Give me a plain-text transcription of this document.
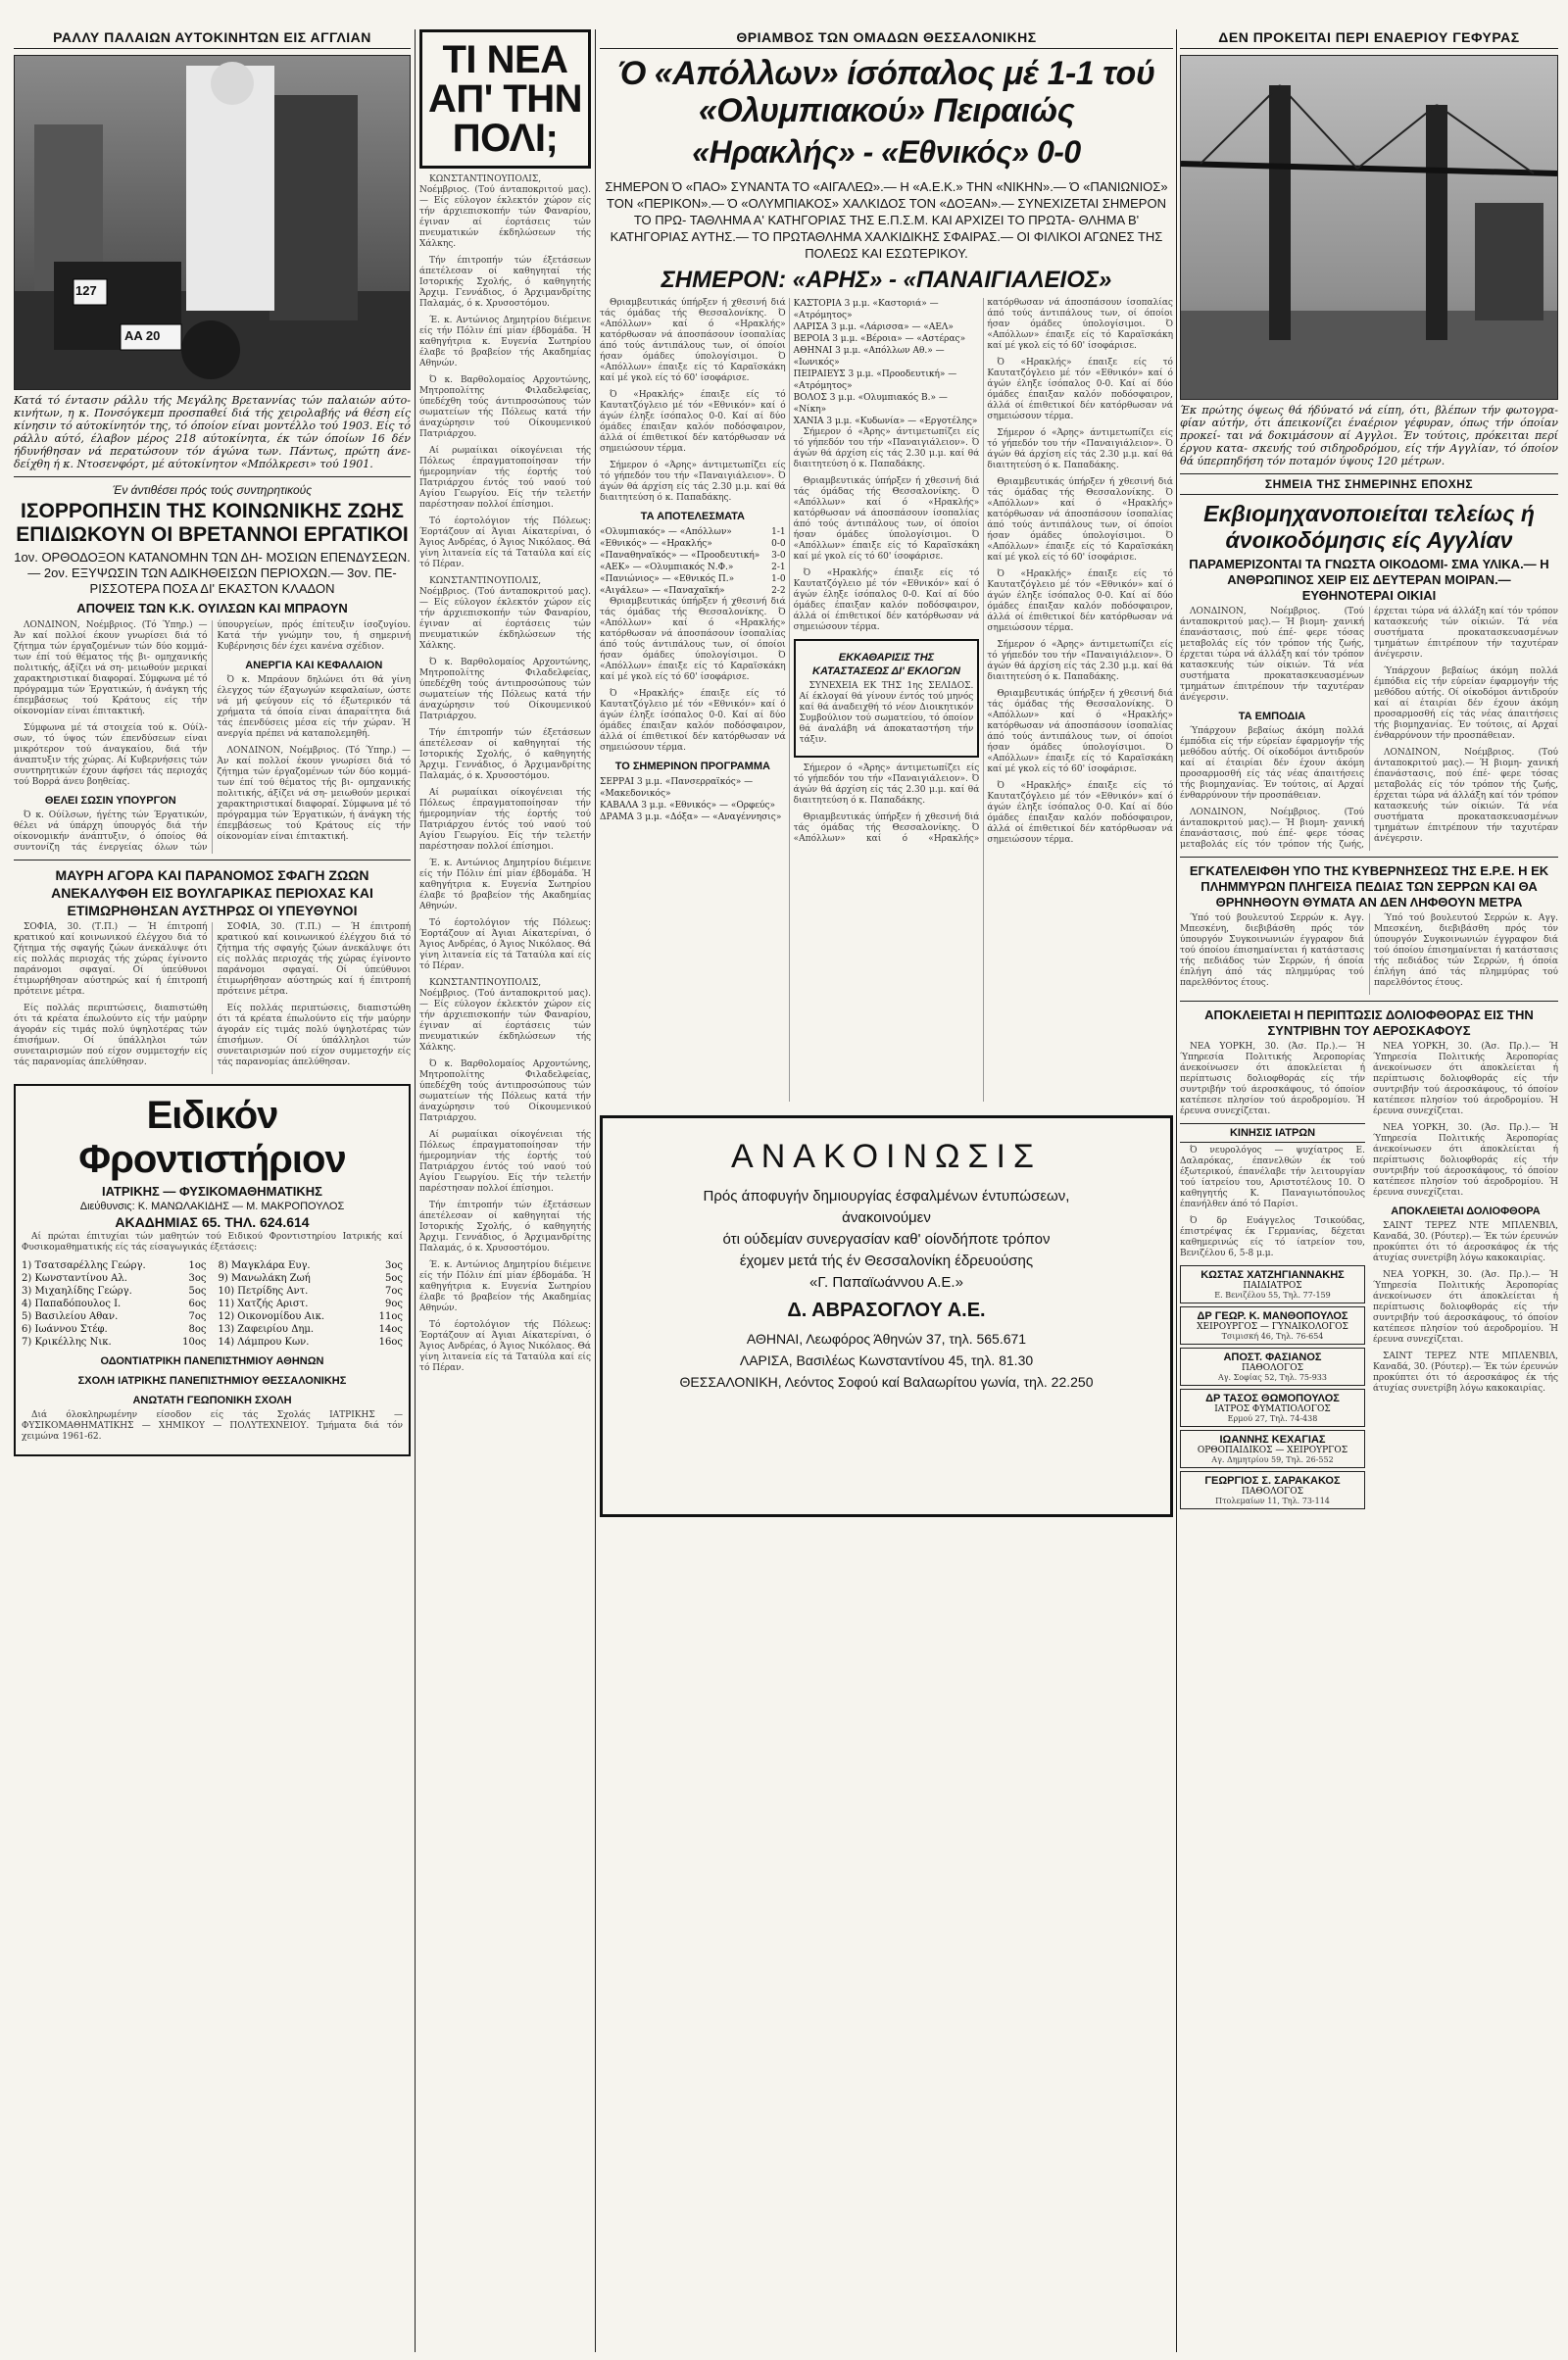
ΡΑΛΛΥ ΠΑΛΑΙΩΝ ΑΥΤΟΚΙΝΗΤΩΝ ΕΙΣ ΑΓΓΛΙΑΝ
127
AA 20
Κατά τό έντασιν ράλλυ τής Μεγάλης Βρεταννίας τών παλαιών αύτο- κινήτων, η κ. Πονσόγκεμπ προσπαθεί διά τής χειρολαβής νά θέση είς κίνησιν τό αύτοκίνητόν της, τό όποίον είναι μοντέλλο τού 1903. Είς τό ράλλυ αύτό, έλαβον μέρος 218 αύτοκίνητα, έκ τών όποίων 16 δέν ήδυνήθησαν νά περατώσουν τόν άγώνα των. Πάντως, πρώτη άνε- δείχθη ή κ. Ντοσενφόρτ, μέ αύτοκίνητον «Μπόλκρεσι» τού 1901.
Έν άντιθέσει πρός τούς συντηρητικούς
ΙΣΟΡΡΟΠΗΣΙΝ ΤΗΣ ΚΟΙΝΩΝΙΚΗΣ ΖΩΗΣ ΕΠΙΔΙΩΚΟΥΝ ΟΙ ΒΡΕΤΑΝΝΟΙ ΕΡΓΑΤΙΚΟΙ
1ον. ΟΡΘΟΔΟΞΟΝ ΚΑΤΑΝΟΜΗΝ ΤΩΝ ΔΗ- ΜΟΣΙΩΝ ΕΠΕΝΔΥΣΕΩΝ.— 2ον. ΕΞΥΨΩΣΙΝ ΤΩΝ ΑΔΙΚΗΘΕΙΣΩΝ ΠΕΡΙΟΧΩΝ.— 3ον. ΠΕ- ΡΙΣΣΟΤΕΡΑ ΠΟΣΑ ΔΙ' ΕΚΑΣΤΟΝ ΚΛΑΔΟΝ
ΑΠΟΨΕΙΣ ΤΩΝ Κ.Κ. ΟΥΙΛΣΩΝ ΚΑΙ ΜΠΡΑΟΥΝ

ΛΟΝΔΙΝΟΝ, Νοέμβριος. (Τό Ύπηρ.) — Άν καί πολλοί έκουν γνωρίσει διά τό ζήτημα τών έργαζομένων τών δύο κομμά- των έπί τού θέματος τής βι- ομηχανικής πολιτικής, άξίζει νά ση- μειωθούν μερικαί χαρακτηριστικαί διαφοραί. Σύμφωνα μέ τό πρόγραμμα τών Έργατικών, ή άνάγκη τής έπεμβάσεως τού Κράτους είς τήν οίκονομίαν είναι έπιτακτική.

Σύμφωνα μέ τά στοιχεία τού κ. Ούίλ- σων, τό ύψος τών έπενδύσεων είναι μικρότερον τού άναγκαίου, διά τήν άναπτυξιν τής χώρας. Αί Κυβερνήσεις τών συντηρητικών έχουν άφήσει τάς περιοχάς τού Βορρά άνευ βοηθείας.

ΘΕΛΕΙ ΣΩΣΙΝ ΥΠΟΥΡΓΟΝ

Ό κ. Ούίλσων, ήγέτης τών Έργατικών, θέλει νά ύπάρχη ύπουργός διά τήν οίκονομικήν άνάπτυξιν, ό όποίος θά συντονίζη τάς ένεργείας όλων τών ύπουργείων, πρός έπίτευξιν ίσοζυγίου. Κατά τήν γνώμην του, ή σημερινή Κυβέρνησις δέν έχει κανένα σχέδιον.

ΑΝΕΡΓΙΑ ΚΑΙ ΚΕΦΑΛΑΙΟΝ

Ό κ. Μπράουν δηλώνει ότι θά γίνη έλεγχος τών έξαγωγών κεφαλαίων, ώστε νά μή φεύγουν είς τό έξωτερικόν τά χρήματα τά όποία είναι άπαραίτητα διά τάς έπενδύσεις μέσα είς τήν χώραν. Ή ανεργία πρέπει νά καταπολεμηθή.

ΛΟΝΔΙΝΟΝ, Νοέμβριος. (Τό Ύπηρ.) — Άν καί πολλοί έκουν γνωρίσει διά τό ζήτημα τών έργαζομένων τών δύο κομμά- των έπί τού θέματος τής βι- ομηχανικής πολιτικής, άξίζει νά ση- μειωθούν μερικαί χαρακτηριστικαί διαφοραί. Σύμφωνα μέ τό πρόγραμμα τών Έργατικών, ή άνάγκη τής έπεμβάσεως τού Κράτους είς τήν οίκονομίαν είναι έπιτακτική.

ΜΑΥΡΗ ΑΓΟΡΑ ΚΑΙ ΠΑΡΑΝΟΜΟΣ ΣΦΑΓΗ ΖΩΩΝ ΑΝΕΚΑΛΥΦΘΗ ΕΙΣ ΒΟΥΛΓΑΡΙΚΑΣ ΠΕΡΙΟΧΑΣ ΚΑΙ ΕΤΙΜΩΡΗΘΗΣΑΝ ΑΥΣΤΗΡΩΣ ΟΙ ΥΠΕΥΘΥΝΟΙ

ΣΟΦΙΑ, 30. (Τ.Π.) — Ή έπιτροπή κρατικού καί κοινωνικού έλέγχου διά τό ζήτημα τής σφαγής ζώων άνεκάλυψε ότι είς πολλάς περιοχάς τής χώρας έγίνοντο παράνομοι σφαγαί. Οί ύπεύθυνοι έτιμωρήθησαν αύστηρώς καί ή έπιτροπή πρότεινε μέτρα.

Είς πολλάς περιπτώσεις, διαπιστώθη ότι τά κρέατα έπωλούντο είς τήν μαύρην άγοράν είς τιμάς πολύ ύψηλοτέρας τών έπισήμων. Οί ύπάλληλοι τών συνεταιρισμών πού είχον συμμετοχήν είς τάς παρανομίας άπελύθησαν.

ΣΟΦΙΑ, 30. (Τ.Π.) — Ή έπιτροπή κρατικού καί κοινωνικού έλέγχου διά τό ζήτημα τής σφαγής ζώων άνεκάλυψε ότι είς πολλάς περιοχάς τής χώρας έγίνοντο παράνομοι σφαγαί. Οί ύπεύθυνοι έτιμωρήθησαν αύστηρώς καί ή έπιτροπή πρότεινε μέτρα.

Είς πολλάς περιπτώσεις, διαπιστώθη ότι τά κρέατα έπωλούντο είς τήν μαύρην άγοράν είς τιμάς πολύ ύψηλοτέρας τών έπισήμων. Οί ύπάλληλοι τών συνεταιρισμών πού είχον συμμετοχήν είς τάς παρανομίας άπελύθησαν.

Ειδικόν Φροντιστήριον
ΙΑΤΡΙΚΗΣ — ΦΥΣΙΚΟΜΑΘΗΜΑΤΙΚΗΣ
Διεύθυνσις: Κ. ΜΑΝΩΛΑΚΙΔΗΣ — Μ. ΜΑΚΡΟΠΟΥΛΟΣ
ΑΚΑΔΗΜΙΑΣ 65. ΤΗΛ. 624.614

Αί πρώται έπιτυχίαι τών μαθητών τού Ειδικού Φροντιστηρίου Ιατρικής καί Φυσικομαθηματικής είς τάς είσαγωγικάς έξετάσεις:

1) Τσατσαρέλλης Γεώργ.	1ος
2) Κωνσταντίνου Αλ.	3ος
3) Μιχαηλίδης Γεώργ.	5ος
4) Παπαδόπουλος Ι.	6ος
5) Βασιλείου Αθαν.	7ος
6) Ιωάννου Στέφ.	8ος
7) Κρικέλλης Νικ.	10ος
8) Μαγκλάρα Ευγ.	3ος
9) Μανωλάκη Ζωή	5ος
10) Πετρίδης Αντ.	7ος
11) Χατζής Αριστ.	9ος
12) Οικονομίδου Αικ.	11ος
13) Ζαφειρίου Δημ.	14ος
14) Λάμπρου Κων.	16ος
ΟΔΟΝΤΙΑΤΡΙΚΗ ΠΑΝΕΠΙΣΤΗΜΙΟΥ ΑΘΗΝΩΝ
ΣΧΟΛΗ ΙΑΤΡΙΚΗΣ ΠΑΝΕΠΙΣΤΗΜΙΟΥ ΘΕΣΣΑΛΟΝΙΚΗΣ
ΑΝΩΤΑΤΗ ΓΕΩΠΟΝΙΚΗ ΣΧΟΛΗ

Διά όλοκληρωμένην είσοδον είς τάς Σχολάς ΙΑΤΡΙΚΗΣ — ΦΥΣΙΚΟΜΑΘΗΜΑΤΙΚΗΣ — ΧΗΜΙΚΟΥ — ΠΟΛΥΤΕΧΝΕΙΟΥ. Τμήματα διά τόν χειμώνα 1961-62.

ΤΙ ΝΕΑ ΑΠ' ΤΗΝ ΠΟΛΙ;

ΚΩΝΣΤΑΝΤΙΝΟΥΠΟΛΙΣ, Νοέμβριος. (Τού άνταποκριτού μας).— Είς εύλογον έκλεκτόν χώρον είς τήν άρχιεπισκοπήν τών Φαναρίου, έγιναν αί έορτάσεις τών πνευματικών έκδηλώσεων τής Χάλκης.

Τήν έπιτροπήν τών έξετάσεων άπετέλεσαν οί καθηγηταί τής Ιστορικής Σχολής, ό καθηγητής Άρχιμ. Γεννάδιος, ό Άρχιμανδρίτης Παλαμάς, ό κ. Χρυσοστόμου.

Έ. κ. Αντώνιος Δημητρίου διέμεινε είς τήν Πόλιν έπί μίαν έβδομάδα. Ή καθηγήτρια κ. Ευγενία Σωτηρίου έλαβε τό βραβείον τής Ακαδημίας Αθηνών.

Ό κ. Βαρθολομαίος Αρχοντώνης, Μητροπολίτης Φιλαδελφείας, ύπεδέχθη τούς άντιπροσώπους τών σωματείων τής Πόλεως κατά τήν άναχώρησιν τού Οίκουμενικού Πατριάρχου.

Αί ρωμαίικαι οίκογένειαι τής Πόλεως έπραγματοποίησαν τήν ήμερομηνίαν τής έορτής τού Πατριάρχου έντός τού ναού τού Αγίου Γεωργίου. Είς τήν τελετήν παρέστησαν πολλοί έπίσημοι.

Τό έορτολόγιον τής Πόλεως: Έορτάζουν αί Άγιαι Αίκατερίναι, ό Άγιος Ανδρέας, ό Άγιος Νικόλαος. Θά γίνη λιτανεία είς τά Ταταύλα καί είς τό Πέραν.

ΚΩΝΣΤΑΝΤΙΝΟΥΠΟΛΙΣ, Νοέμβριος. (Τού άνταποκριτού μας).— Είς εύλογον έκλεκτόν χώρον είς τήν άρχιεπισκοπήν τών Φαναρίου, έγιναν αί έορτάσεις τών πνευματικών έκδηλώσεων τής Χάλκης.

Ό κ. Βαρθολομαίος Αρχοντώνης, Μητροπολίτης Φιλαδελφείας, ύπεδέχθη τούς άντιπροσώπους τών σωματείων τής Πόλεως κατά τήν άναχώρησιν τού Οίκουμενικού Πατριάρχου.

Τήν έπιτροπήν τών έξετάσεων άπετέλεσαν οί καθηγηταί τής Ιστορικής Σχολής, ό καθηγητής Άρχιμ. Γεννάδιος, ό Άρχιμανδρίτης Παλαμάς, ό κ. Χρυσοστόμου.

Αί ρωμαίικαι οίκογένειαι τής Πόλεως έπραγματοποίησαν τήν ήμερομηνίαν τής έορτής τού Πατριάρχου έντός τού ναού τού Αγίου Γεωργίου. Είς τήν τελετήν παρέστησαν πολλοί έπίσημοι.

Έ. κ. Αντώνιος Δημητρίου διέμεινε είς τήν Πόλιν έπί μίαν έβδομάδα. Ή καθηγήτρια κ. Ευγενία Σωτηρίου έλαβε τό βραβείον τής Ακαδημίας Αθηνών.

Τό έορτολόγιον τής Πόλεως: Έορτάζουν αί Άγιαι Αίκατερίναι, ό Άγιος Ανδρέας, ό Άγιος Νικόλαος. Θά γίνη λιτανεία είς τά Ταταύλα καί είς τό Πέραν.

ΚΩΝΣΤΑΝΤΙΝΟΥΠΟΛΙΣ, Νοέμβριος. (Τού άνταποκριτού μας).— Είς εύλογον έκλεκτόν χώρον είς τήν άρχιεπισκοπήν τών Φαναρίου, έγιναν αί έορτάσεις τών πνευματικών έκδηλώσεων τής Χάλκης.

Ό κ. Βαρθολομαίος Αρχοντώνης, Μητροπολίτης Φιλαδελφείας, ύπεδέχθη τούς άντιπροσώπους τών σωματείων τής Πόλεως κατά τήν άναχώρησιν τού Οίκουμενικού Πατριάρχου.

Αί ρωμαίικαι οίκογένειαι τής Πόλεως έπραγματοποίησαν τήν ήμερομηνίαν τής έορτής τού Πατριάρχου έντός τού ναού τού Αγίου Γεωργίου. Είς τήν τελετήν παρέστησαν πολλοί έπίσημοι.

Τήν έπιτροπήν τών έξετάσεων άπετέλεσαν οί καθηγηταί τής Ιστορικής Σχολής, ό καθηγητής Άρχιμ. Γεννάδιος, ό Άρχιμανδρίτης Παλαμάς, ό κ. Χρυσοστόμου.

Έ. κ. Αντώνιος Δημητρίου διέμεινε είς τήν Πόλιν έπί μίαν έβδομάδα. Ή καθηγήτρια κ. Ευγενία Σωτηρίου έλαβε τό βραβείον τής Ακαδημίας Αθηνών.

Τό έορτολόγιον τής Πόλεως: Έορτάζουν αί Άγιαι Αίκατερίναι, ό Άγιος Ανδρέας, ό Άγιος Νικόλαος. Θά γίνη λιτανεία είς τά Ταταύλα καί είς τό Πέραν.

ΘΡΙΑΜΒΟΣ ΤΩΝ ΟΜΑΔΩΝ ΘΕΣΣΑΛΟΝΙΚΗΣ
Ό «Απόλλων» ίσόπαλος μέ 1-1 τού «Ολυμπιακού» Πειραιώς
«Ηρακλής» - «Εθνικός» 0-0
ΣΗΜΕΡΟΝ Ό «ΠΑΟ» ΣΥΝΑΝΤΑ ΤΟ «ΑΙΓΑΛΕΩ».— Η «Α.Ε.Κ.» ΤΗΝ «ΝΙΚΗΝ».— Ό «ΠΑΝΙΩΝΙΟΣ» ΤΟΝ «ΠΕΡΙΚΟΝ».— Ό «ΟΛΥΜΠΙΑΚΟΣ» ΧΑΛΚΙΔΟΣ ΤΟΝ «ΔΟΞΑΝ».— ΣΥΝΕΧΙΖΕΤΑΙ ΣΗΜΕΡΟΝ ΤΟ ΠΡΩ- ΤΑΘΛΗΜΑ Α' ΚΑΤΗΓΟΡΙΑΣ ΤΗΣ Ε.Π.Σ.Μ. ΚΑΙ ΑΡΧΙΖΕΙ ΤΟ ΠΡΩΤΑ- ΘΛΗΜΑ Β' ΚΑΤΗΓΟΡΙΑΣ ΑΥΤΗΣ.— ΤΟ ΠΡΩΤΑΘΛΗΜΑ ΧΑΛΚΙΔΙΚΗΣ ΣΦΑΙΡΑΣ.— ΟΙ ΦΙΛΙΚΟΙ ΑΓΩΝΕΣ ΤΗΣ ΠΟΛΕΩΣ ΚΑΙ ΕΣΩΤΕΡΙΚΟΥ.
ΣΗΜΕΡΟΝ: «ΑΡΗΣ» - «ΠΑΝΑΙΓΙΑΛΕΙΟΣ»

Θριαμβευτικάς ύπήρξεν ή χθεσινή διά τάς όμάδας τής Θεσσαλονίκης. Ό «Απόλλων» καί ό «Ηρακλής» κατόρθωσαν νά άποσπάσουν ίσοπαλίας άπό τούς άντιπάλους των, οί όποίοι ήσαν όμάδες ύπολογίσιμοι. Ό «Απόλλων» έπαιξε είς τό Καραϊσκάκη καί μέ γκολ είς τό 60' ίσοφάρισε.

Ό «Ηρακλής» έπαιξε είς τό Καυτατζόγλειο μέ τόν «Εθνικόν» καί ό άγών έληξε ίσόπαλος 0-0. Καί αί δύο όμάδες έπαιξαν καλόν ποδόσφαιρον, άλλά οί έπιθετικοί δέν κατόρθωσαν νά σημειώσουν τέρμα.

Σήμερον ό «Άρης» άντιμετωπίζει είς τό γήπεδόν του τήν «Παναιγιάλειον». Ό άγών θά άρχίση είς τάς 2.30 μ.μ. καί θά διαιτητεύση ό κ. Παπαδάκης.

ΤΑ ΑΠΟΤΕΛΕΣΜΑΤΑ
«Ολυμπιακός» — «Απόλλων»	1-1
«Εθνικός» — «Ηρακλής»	0-0
«Παναθηναϊκός» — «Προοδευτική» 3-0
«ΑΕΚ» — «Ολυμπιακός Ν.Φ.»	2-1
«Πανιώνιος» — «Εθνικός Π.»	1-0
«Αιγάλεω» — «Παναχαϊκή»	2-2

Θριαμβευτικάς ύπήρξεν ή χθεσινή διά τάς όμάδας τής Θεσσαλονίκης. Ό «Απόλλων» καί ό «Ηρακλής» κατόρθωσαν νά άποσπάσουν ίσοπαλίας άπό τούς άντιπάλους των, οί όποίοι ήσαν όμάδες ύπολογίσιμοι. Ό «Απόλλων» έπαιξε είς τό Καραϊσκάκη καί μέ γκολ είς τό 60' ίσοφάρισε.

Ό «Ηρακλής» έπαιξε είς τό Καυτατζόγλειο μέ τόν «Εθνικόν» καί ό άγών έληξε ίσόπαλος 0-0. Καί αί δύο όμάδες έπαιξαν καλόν ποδόσφαιρον, άλλά οί έπιθετικοί δέν κατόρθωσαν νά σημειώσουν τέρμα.

ΤΟ ΣΗΜΕΡΙΝΟΝ ΠΡΟΓΡΑΜΜΑ
ΣΕΡΡΑΙ 3 μ.μ. «Πανσερραϊκός» — «Μακεδονικός»
ΚΑΒΑΛΑ 3 μ.μ. «Εθνικός» — «Ορφεύς»
ΔΡΑΜΑ 3 μ.μ. «Δόξα» — «Αναγέννησις»
ΚΑΣΤΟΡΙΑ 3 μ.μ. «Καστοριά» — «Ατρόμητος»
ΛΑΡΙΣΑ 3 μ.μ. «Λάρισσα» — «ΑΕΛ»
ΒΕΡΟΙΑ 3 μ.μ. «Βέροια» — «Αστέρας»
ΑΘΗΝΑΙ 3 μ.μ. «Απόλλων Αθ.» — «Ιωνικός»
ΠΕΙΡΑΙΕΥΣ 3 μ.μ. «Προοδευτική» — «Ατρόμητος»
ΒΟΛΟΣ 3 μ.μ. «Ολυμπιακός Β.» — «Νίκη»
ΧΑΝΙΑ 3 μ.μ. «Κυδωνία» — «Εργοτέλης»

Σήμερον ό «Άρης» άντιμετωπίζει είς τό γήπεδόν του τήν «Παναιγιάλειον». Ό άγών θά άρχίση είς τάς 2.30 μ.μ. καί θά διαιτητεύση ό κ. Παπαδάκης.

Θριαμβευτικάς ύπήρξεν ή χθεσινή διά τάς όμάδας τής Θεσσαλονίκης. Ό «Απόλλων» καί ό «Ηρακλής» κατόρθωσαν νά άποσπάσουν ίσοπαλίας άπό τούς άντιπάλους των, οί όποίοι ήσαν όμάδες ύπολογίσιμοι. Ό «Απόλλων» έπαιξε είς τό Καραϊσκάκη καί μέ γκολ είς τό 60' ίσοφάρισε.

Ό «Ηρακλής» έπαιξε είς τό Καυτατζόγλειο μέ τόν «Εθνικόν» καί ό άγών έληξε ίσόπαλος 0-0. Καί αί δύο όμάδες έπαιξαν καλόν ποδόσφαιρον, άλλά οί έπιθετικοί δέν κατόρθωσαν νά σημειώσουν τέρμα.

ΕΚΚΑΘΑΡΙΣΙΣ ΤΗΣ ΚΑΤΑΣΤΑΣΕΩΣ ΔΙ' ΕΚΛΟΓΩΝ

ΣΥΝΕΧΕΙΑ ΕΚ ΤΗΣ 1ης ΣΕΛΙΔΟΣ. Αί έκλογαί θά γίνουν έντός τού μηνός καί θά άναδειχθή τό νέον Διοικητικόν Συμβούλιον τού σωματείου, τό όποίον θά άναλάβη νά άποκαταστήση τήν τάξιν.

Σήμερον ό «Άρης» άντιμετωπίζει είς τό γήπεδόν του τήν «Παναιγιάλειον». Ό άγών θά άρχίση είς τάς 2.30 μ.μ. καί θά διαιτητεύση ό κ. Παπαδάκης.

Θριαμβευτικάς ύπήρξεν ή χθεσινή διά τάς όμάδας τής Θεσσαλονίκης. Ό «Απόλλων» καί ό «Ηρακλής» κατόρθωσαν νά άποσπάσουν ίσοπαλίας άπό τούς άντιπάλους των, οί όποίοι ήσαν όμάδες ύπολογίσιμοι. Ό «Απόλλων» έπαιξε είς τό Καραϊσκάκη καί μέ γκολ είς τό 60' ίσοφάρισε.

Ό «Ηρακλής» έπαιξε είς τό Καυτατζόγλειο μέ τόν «Εθνικόν» καί ό άγών έληξε ίσόπαλος 0-0. Καί αί δύο όμάδες έπαιξαν καλόν ποδόσφαιρον, άλλά οί έπιθετικοί δέν κατόρθωσαν νά σημειώσουν τέρμα.

Σήμερον ό «Άρης» άντιμετωπίζει είς τό γήπεδόν του τήν «Παναιγιάλειον». Ό άγών θά άρχίση είς τάς 2.30 μ.μ. καί θά διαιτητεύση ό κ. Παπαδάκης.

Θριαμβευτικάς ύπήρξεν ή χθεσινή διά τάς όμάδας τής Θεσσαλονίκης. Ό «Απόλλων» καί ό «Ηρακλής» κατόρθωσαν νά άποσπάσουν ίσοπαλίας άπό τούς άντιπάλους των, οί όποίοι ήσαν όμάδες ύπολογίσιμοι. Ό «Απόλλων» έπαιξε είς τό Καραϊσκάκη καί μέ γκολ είς τό 60' ίσοφάρισε.

Ό «Ηρακλής» έπαιξε είς τό Καυτατζόγλειο μέ τόν «Εθνικόν» καί ό άγών έληξε ίσόπαλος 0-0. Καί αί δύο όμάδες έπαιξαν καλόν ποδόσφαιρον, άλλά οί έπιθετικοί δέν κατόρθωσαν νά σημειώσουν τέρμα.

Σήμερον ό «Άρης» άντιμετωπίζει είς τό γήπεδόν του τήν «Παναιγιάλειον». Ό άγών θά άρχίση είς τάς 2.30 μ.μ. καί θά διαιτητεύση ό κ. Παπαδάκης.

Θριαμβευτικάς ύπήρξεν ή χθεσινή διά τάς όμάδας τής Θεσσαλονίκης. Ό «Απόλλων» καί ό «Ηρακλής» κατόρθωσαν νά άποσπάσουν ίσοπαλίας άπό τούς άντιπάλους των, οί όποίοι ήσαν όμάδες ύπολογίσιμοι. Ό «Απόλλων» έπαιξε είς τό Καραϊσκάκη καί μέ γκολ είς τό 60' ίσοφάρισε.

Ό «Ηρακλής» έπαιξε είς τό Καυτατζόγλειο μέ τόν «Εθνικόν» καί ό άγών έληξε ίσόπαλος 0-0. Καί αί δύο όμάδες έπαιξαν καλόν ποδόσφαιρον, άλλά οί έπιθετικοί δέν κατόρθωσαν νά σημειώσουν τέρμα.

ΑΝΑΚΟΙΝΩΣΙΣ
Πρός άποφυγήν δημιουργίας έσφαλμένων έντυπώσεων,
άνακοινούμεν
ότι ούδεμίαν συνεργασίαν καθ' οίονδήποτε τρόπον
έχομεν μετά τής έν Θεσσαλονίκη έδρευούσης
«Γ. Παπαϊωάννου Α.Ε.»
Δ. ΑΒΡΑΣΟΓΛΟΥ Α.Ε.
ΑΘΗΝΑΙ, Λεωφόρος Άθηνών 37, τηλ. 565.671
ΛΑΡΙΣΑ, Βασιλέως Κωνσταντίνου 45, τηλ. 81.30
ΘΕΣΣΑΛΟΝΙΚΗ, Λεόντος Σοφού καί Βαλαωρίτου γωνία, τηλ. 22.250
ΔΕΝ ΠΡΟΚΕΙΤΑΙ ΠΕΡΙ ΕΝΑΕΡΙΟΥ ΓΕΦΥΡΑΣ
Έκ πρώτης όψεως θά ήδύνατό νά είπη, ότι, βλέπων τήν φωτογρα- φίαν αύτήν, ότι άπεικονίζει έναέριον γέφυραν, όπως τήν όποίαν προκεί- ται νά δοκιμάσουν αί Αγγλοι. Έν τούτοις, πρόκειται περί έργου κατα- σκευής τού σιδηροδρόμου, είς τήν Αγγλίαν, τό όποίον θά ύπερπηδήση τόν ποταμόν ύψους 120 μέτρων.
ΣΗΜΕΙΑ ΤΗΣ ΣΗΜΕΡΙΝΗΣ ΕΠΟΧΗΣ
Εκβιομηχανοποιείται τελείως ή άνοικοδόμησις είς Αγγλίαν
ΠΑΡΑΜΕΡΙΖΟΝΤΑΙ ΤΑ ΓΝΩΣΤΑ ΟΙΚΟΔΟΜΙ- ΣΜΑ ΥΛΙΚΑ.— Η ΑΝΘΡΩΠΙΝΟΣ ΧΕΙΡ ΕΙΣ ΔΕΥΤΕΡΑΝ ΜΟΙΡΑΝ.— ΕΥΘΗΝΟΤΕΡΑΙ ΟΙΚΙΑΙ

ΛΟΝΔΙΝΟΝ, Νοέμβριος. (Τού άνταποκριτού μας).— Ή βιομη- χανική έπανάστασις, πού έπέ- φερε τόσας μεταβολάς είς τόν τρόπον τής ζωής, έρχεται τώρα νά άλλάξη καί τόν τρόπον κατασκευής τών οίκιών. Τά νέα συστήματα προκατασκευασμένων τμημάτων έπιτρέπουν τήν ταχυτέραν άνέγερσιν.

ΤΑ ΕΜΠΟΔΙΑ

Ύπάρχουν βεβαίως άκόμη πολλά έμπόδια είς τήν εύρείαν έφαρμογήν τής μεθόδου αύτής. Οί οίκοδόμοι άντιδρούν καί αί έταιρίαι δέν έχουν άκόμη προσαρμοσθή είς τάς νέας άπαιτήσεις τής βιομηχανίας. Έν τούτοις, αί Αρχαί ένθαρρύνουν τήν προσπάθειαν.

ΛΟΝΔΙΝΟΝ, Νοέμβριος. (Τού άνταποκριτού μας).— Ή βιομη- χανική έπανάστασις, πού έπέ- φερε τόσας μεταβολάς είς τόν τρόπον τής ζωής, έρχεται τώρα νά άλλάξη καί τόν τρόπον κατασκευής τών οίκιών. Τά νέα συστήματα προκατασκευασμένων τμημάτων έπιτρέπουν τήν ταχυτέραν άνέγερσιν.

Ύπάρχουν βεβαίως άκόμη πολλά έμπόδια είς τήν εύρείαν έφαρμογήν τής μεθόδου αύτής. Οί οίκοδόμοι άντιδρούν καί αί έταιρίαι δέν έχουν άκόμη προσαρμοσθή είς τάς νέας άπαιτήσεις τής βιομηχανίας. Έν τούτοις, αί Αρχαί ένθαρρύνουν τήν προσπάθειαν.

ΛΟΝΔΙΝΟΝ, Νοέμβριος. (Τού άνταποκριτού μας).— Ή βιομη- χανική έπανάστασις, πού έπέ- φερε τόσας μεταβολάς είς τόν τρόπον τής ζωής, έρχεται τώρα νά άλλάξη καί τόν τρόπον κατασκευής τών οίκιών. Τά νέα συστήματα προκατασκευασμένων τμημάτων έπιτρέπουν τήν ταχυτέραν άνέγερσιν.

ΕΓΚΑΤΕΛΕΙΦΘΗ ΥΠΟ ΤΗΣ ΚΥΒΕΡΝΗΣΕΩΣ ΤΗΣ Ε.Ρ.Ε. Η ΕΚ ΠΛΗΜΜΥΡΩΝ ΠΛΗΓΕΙΣΑ ΠΕΔΙΑΣ ΤΩΝ ΣΕΡΡΩΝ ΚΑΙ ΘΑ ΘΡΗΝΗΘΟΥΝ ΘΥΜΑΤΑ ΑΝ ΔΕΝ ΛΗΦΘΟΥΝ ΜΕΤΡΑ

Ύπό τού βουλευτού Σερρών κ. Αγγ. Μπεσκένη, διεβιβάσθη πρός τόν ύπουργόν Συγκοινωνιών έγγραφον διά τού όποίου έπισημαίνεται ή κατάστασις τής πεδιάδος τών Σερρών, ή όποία έπλήγη άπό τάς πλημμύρας τού παρελθόντος έτους.

Ύπό τού βουλευτού Σερρών κ. Αγγ. Μπεσκένη, διεβιβάσθη πρός τόν ύπουργόν Συγκοινωνιών έγγραφον διά τού όποίου έπισημαίνεται ή κατάστασις τής πεδιάδος τών Σερρών, ή όποία έπλήγη άπό τάς πλημμύρας τού παρελθόντος έτους.

ΑΠΟΚΛΕΙΕΤΑΙ Η ΠΕΡΙΠΤΩΣΙΣ ΔΟΛΙΟΦΘΟΡΑΣ ΕΙΣ ΤΗΝ ΣΥΝΤΡΙΒΗΝ ΤΟΥ ΑΕΡΟΣΚΑΦΟΥΣ

ΝΕΑ ΥΟΡΚΗ, 30. (Άσ. Πρ.).— Ή Ύπηρεσία Πολιτικής Άεροπορίας άνεκοίνωσεν ότι άποκλείεται ή περίπτωσις δολιοφθοράς είς τήν συντριβήν τού άεροσκάφους, τό όποίον κατέπεσε πλησίον τού άεροδρομίου. Ή έρευνα συνεχίζεται.

ΚΙΝΗΣΙΣ ΙΑΤΡΩΝ

Ό νευρολόγος — ψυχίατρος Ε. Δαλαρόκας, έπανελθών έκ τού έξωτερικού, έπανέλαβε τήν λειτουργίαν τού ίατρείου του, Αριστοτέλους 10. Ό καθηγητής Κ. Παναγιωτόπουλος έπανήλθεν άπό τό Παρίσι.

Ό δρ Ευάγγελος Τσικούδας, έπιστρέψας έκ Γερμανίας, δέχεται καθημερινώς είς τό ίατρείον του, Βενιζέλου 6, 5-8 μ.μ.

ΚΩΣΤΑΣ ΧΑΤΖΗΓΙΑΝΝΑΚΗΣ
ΠΑΙΔΙΑΤΡΟΣ
Ε. Βενιζέλου 55, Τηλ. 77-159
ΔΡ ΓΕΩΡ. Κ. ΜΑΝΘΟΠΟΥΛΟΣ
ΧΕΙΡΟΥΡΓΟΣ — ΓΥΝΑΙΚΟΛΟΓΟΣ
Τσιμισκή 46, Τηλ. 76-654
ΑΠΟΣΤ. ΦΑΣΙΑΝΟΣ
ΠΑΘΟΛΟΓΟΣ
Αγ. Σοφίας 52, Τηλ. 75-933
ΔΡ ΤΑΣΟΣ ΘΩΜΟΠΟΥΛΟΣ
ΙΑΤΡΟΣ ΦΥΜΑΤΙΟΛΟΓΟΣ
Ερμού 27, Τηλ. 74-438
ΙΩΑΝΝΗΣ ΚΕΧΑΓΙΑΣ
ΟΡΘΟΠΑΙΔΙΚΟΣ — ΧΕΙΡΟΥΡΓΟΣ
Αγ. Δημητρίου 59, Τηλ. 26-552
ΓΕΩΡΓΙΟΣ Σ. ΣΑΡΑΚΑΚΟΣ
ΠΑΘΟΛΟΓΟΣ
Πτολεμαίων 11, Τηλ. 73-114

ΝΕΑ ΥΟΡΚΗ, 30. (Άσ. Πρ.).— Ή Ύπηρεσία Πολιτικής Άεροπορίας άνεκοίνωσεν ότι άποκλείεται ή περίπτωσις δολιοφθοράς είς τήν συντριβήν τού άεροσκάφους, τό όποίον κατέπεσε πλησίον τού άεροδρομίου. Ή έρευνα συνεχίζεται.

ΝΕΑ ΥΟΡΚΗ, 30. (Άσ. Πρ.).— Ή Ύπηρεσία Πολιτικής Άεροπορίας άνεκοίνωσεν ότι άποκλείεται ή περίπτωσις δολιοφθοράς είς τήν συντριβήν τού άεροσκάφους, τό όποίον κατέπεσε πλησίον τού άεροδρομίου. Ή έρευνα συνεχίζεται.

ΑΠΟΚΛΕΙΕΤΑΙ ΔΟΛΙΟΦΘΟΡΑ

ΣΑΙΝΤ ΤΕΡΕΖ ΝΤΕ ΜΠΛΕΝΒΙΛ, Καναδά, 30. (Ρόυτερ).— Έκ τών έρευνών προκύπτει ότι τό άεροσκάφος έκ τής άτυχίας συνετρίβη λόγω κακοκαιρίας.

ΝΕΑ ΥΟΡΚΗ, 30. (Άσ. Πρ.).— Ή Ύπηρεσία Πολιτικής Άεροπορίας άνεκοίνωσεν ότι άποκλείεται ή περίπτωσις δολιοφθοράς είς τήν συντριβήν τού άεροσκάφους, τό όποίον κατέπεσε πλησίον τού άεροδρομίου. Ή έρευνα συνεχίζεται.

ΣΑΙΝΤ ΤΕΡΕΖ ΝΤΕ ΜΠΛΕΝΒΙΛ, Καναδά, 30. (Ρόυτερ).— Έκ τών έρευνών προκύπτει ότι τό άεροσκάφος έκ τής άτυχίας συνετρίβη λόγω κακοκαιρίας.
